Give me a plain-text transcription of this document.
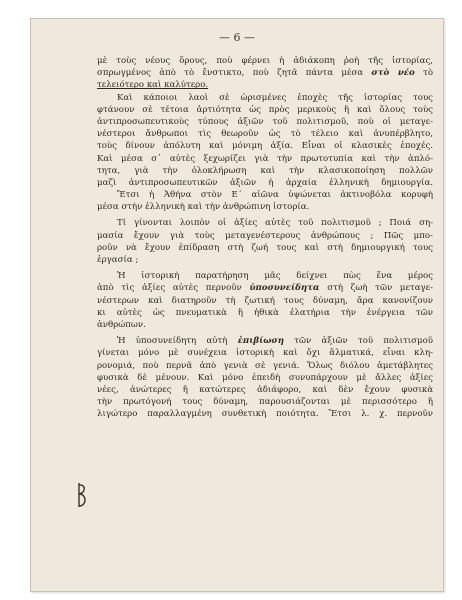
— 6 —
μὲ τοὺς νέους ὅρους, ποὺ φέρνει ἡ ἀδιάκοπη ῥοὴ τῆς ἱστορίας,
σπρωγμένος ἀπὸ τὸ ἔνστικτο, ποὺ ζητᾶ πάντα μέσα στὸ νέο τὸ
τελειότερο καὶ καλύτερο.
Καὶ κάποιοι λαοὶ σὲ ὡρισμένες ἐποχὲς τῆς ἱστορίας τους
φτάνουν σὲ τέτοια ἀρτιότητα ὡς πρὸς μερικοὺς ἢ καὶ ὅλους τοὺς
ἀντιπροσωπευτικοὺς τύπους ἀξιῶν τοῦ πολιτισμοῦ, ποὺ οἱ μεταγε-
νέστεροι ἄνθρωποι τὶς θεωροῦν ὡς τὸ τέλειο καὶ ἀνυπέρβλητο,
τοὺς δίνουν ἀπόλυτη καὶ μόνιμη ἀξία. Εἶναι οἱ κλασικὲς ἐποχές.
Καὶ μέσα σ᾽ αὐτὲς ξεχωρίζει γιὰ τὴν πρωτοτυπία καὶ τὴν ἁπλό-
τητα, γιὰ τὴν ὁλοκλήρωση καὶ τὴν κλασικοποίηση πολλῶν
μαζὶ ἀντιπροσωπευτικῶν ἀξιῶν ἡ ἀρχαία ἑλληνικὴ δημιουργία.
Ἔτσι ἡ Ἀθήνα στὸν Ε´ αἰῶνα ὑψώνεται ἀκτινοβόλα κορυφὴ
μέσα στὴν ἑλληνικὴ καὶ τὴν ἀνθρώπινη ἱστορία.
Τί γίνονται λοιπὸν οἱ ἀξίες αὐτὲς τοῦ πολιτισμοῦ ; Ποιά ση-
μασία ἔχουν γιὰ τοὺς μεταγενέστερους ἀνθρώπους ; Πῶς μπο-
ροῦν νὰ ἔχουν ἐπίδραση στὴ ζωή τους καὶ στὴ δημιουργική τους
ἐργασία ;
Ἡ ἱστορικὴ παρατήρηση μᾶς δείχνει πὼς ἕνα μέρος
ἀπὸ τὶς ἀξίες αὐτὲς περνοῦν ὑποσυνείδητα στὴ ζωὴ τῶν μεταγε-
νέστερων καὶ διατηροῦν τὴ ζωτική τους δύναμη, ἄρα κανονίζουν
κι αὐτὲς ὡς πνευματικὰ ἢ ἠθικὰ ἐλατήρια τὴν ἐνέργεια τῶν
ἀνθρώπων.
Ἡ ὑποσυνείδητη αὐτὴ ἐπιβίωση τῶν ἀξιῶν τοῦ πολιτισμοῦ
γίνεται μόνο μὲ συνέχεια ἱστορικὴ καὶ ὄχι ἅλματικά, εἶναι κλη-
ρονομιά, ποὺ περνᾶ ἀπὸ γενιὰ σὲ γενιά. Ὅλως διόλου ἀμετάβλητες
φυσικὰ δὲ μένουν. Καὶ μόνο ἐπειδὴ συνυπάρχουν μὲ ἄλλες ἀξίες
νέες, ἀνώτερες ἢ κατώτερες ἀδιάφορο, καὶ δὲν ἔχουν φυσικὰ
τὴν πρωτόγονή τους δύναμη, παρουσιάζονται μὲ περισσότερο ἢ
λιγώτερο παραλλαγμένη συνθετικὴ ποιότητα. Ἔτσι λ. χ. περνοῦν
